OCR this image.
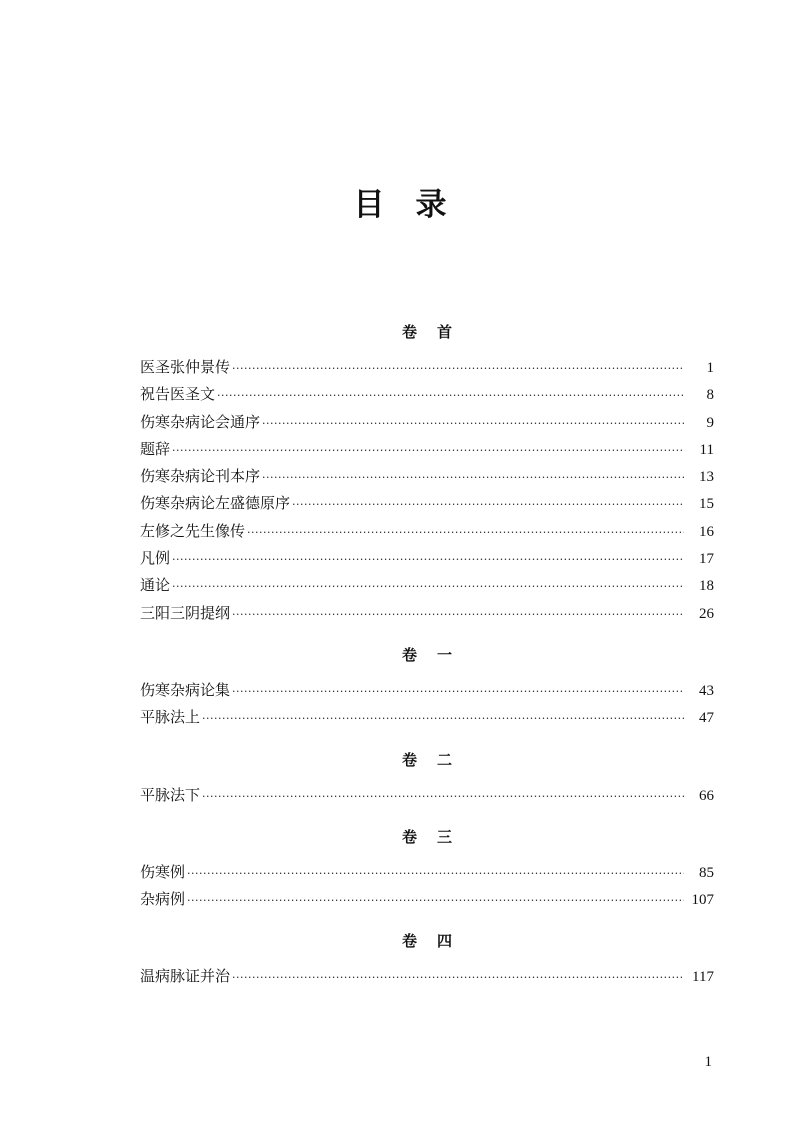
目　录
卷 首
医圣张仲景传 ·····	1
祝告医圣文 ·····	8
伤寒杂病论会通序 ·····	9
题辞 ·····	11
伤寒杂病论刊本序 ·····	13
伤寒杂病论左盛德原序 ·····	15
左修之先生像传 ·····	16
凡例 ·····	17
通论 ·····	18
三阳三阴提纲 ·····	26
卷 一
伤寒杂病论集 ·····	43
平脉法上 ·····	47
卷 二
平脉法下 ·····	66
卷 三
伤寒例 ·····	85
杂病例 ·····	107
卷 四
温病脉证并治 ·····	117
1
